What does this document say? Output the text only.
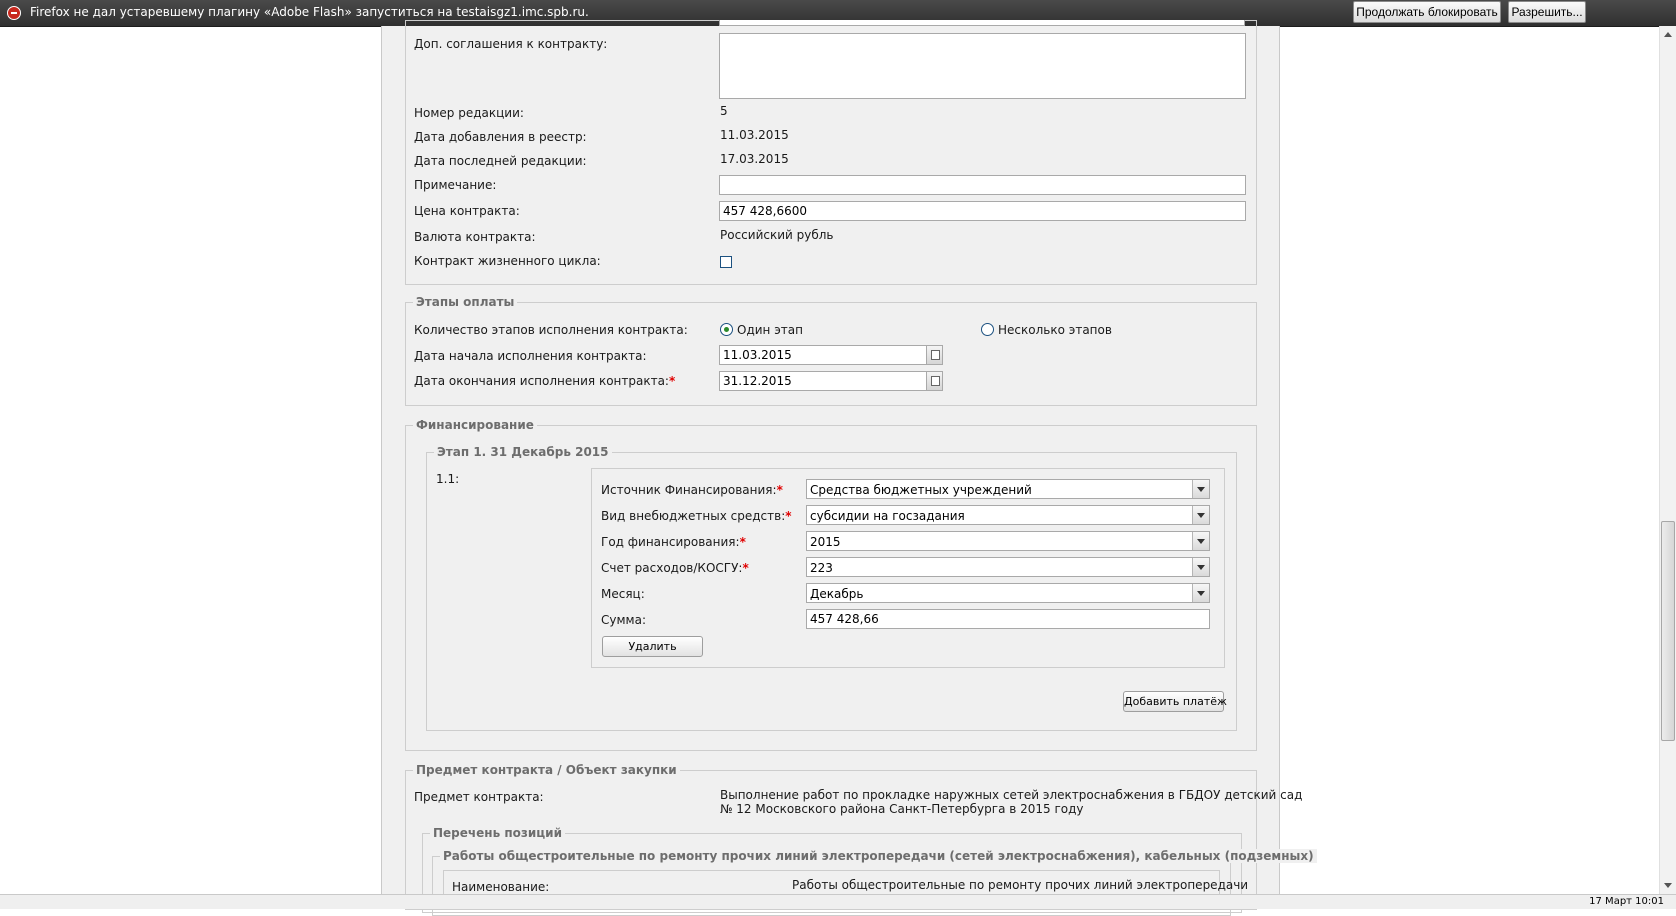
Firefox не дал устаревшему плагину «Adobe Flash» запуститься на testaisgz1.imc.spb.ru.	Продолжать блокировать Разрешить...
Доп. соглашения к контракту:
Номер редакции:	5
Дата добавления в реестр:	11.03.2015
Дата последней редакции:	17.03.2015
Примечание:
Цена контракта:
457 428,6600
Валюта контракта:	Российский рубль
Контракт жизненного цикла:
Этапы оплаты
Количество этапов исполнения контракта:	Один этап	Несколько этапов
Дата начала исполнения контракта:
11.03.2015
Дата окончания исполнения контракта:*
31.12.2015
Финансирование
Этап 1. 31 Декабрь 2015
1.1:
Источник Финансирования:*	Средства бюджетных учреждений
Вид внебюджетных средств:*	субсидии на госзадания
Год финансирования:*	2015
Счет расходов/КОСГУ:*	223
Месяц:	Декабрь
Сумма:
457 428,66
Удалить
Добавить платёж
Предмет контракта / Объект закупки
Предмет контракта:	Выполнение работ по прокладке наружных сетей электроснабжения в ГБДОУ детский сад
№ 12 Московского района Санкт-Петербурга в 2015 году
Перечень позиций
Работы общестроительные по ремонту прочих линий электропередачи (сетей электроснабжения), кабельных (подземных)
Наименование:	Работы общестроительные по ремонту прочих линий электропередачи
17 Март 10:01
